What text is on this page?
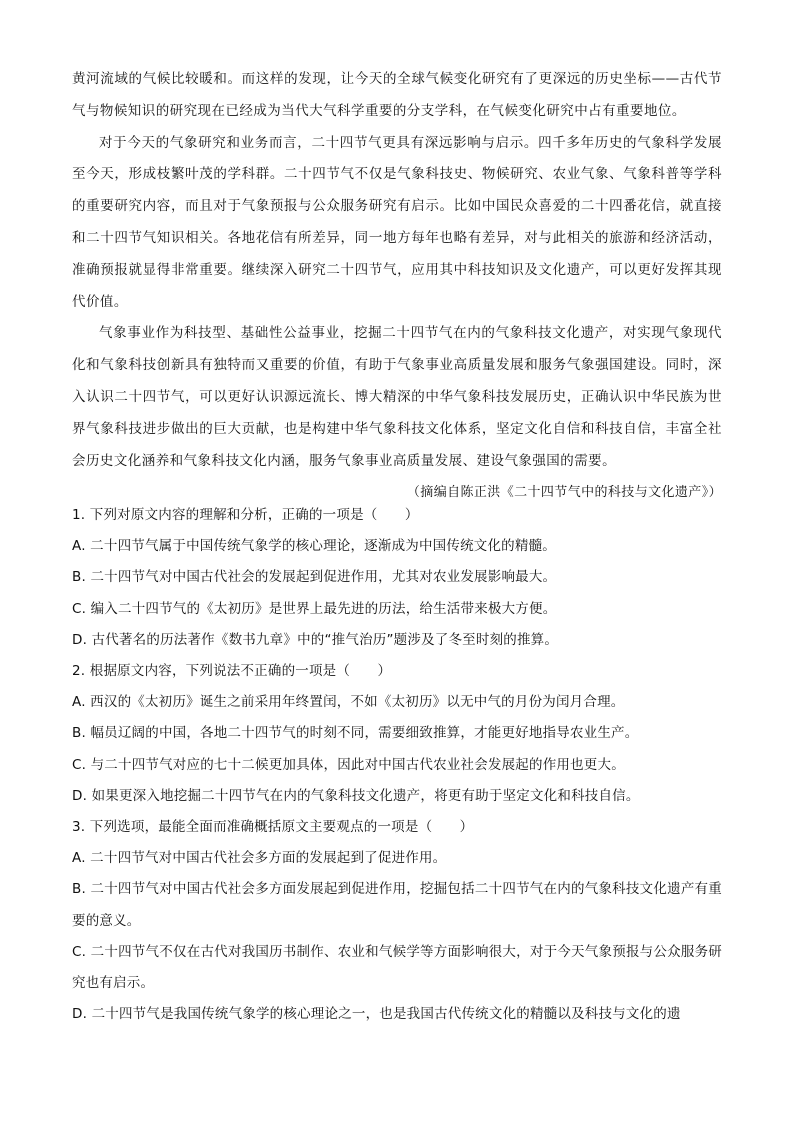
黄河流域的气候比较暖和。而这样的发现，让今天的全球气候变化研究有了更深远的历史坐标——古代节气与物候知识的研究现在已经成为当代大气科学重要的分支学科，在气候变化研究中占有重要地位。

对于今天的气象研究和业务而言，二十四节气更具有深远影响与启示。四千多年历史的气象科学发展至今天，形成枝繁叶茂的学科群。二十四节气不仅是气象科技史、物候研究、农业气象、气象科普等学科的重要研究内容，而且对于气象预报与公众服务研究有启示。比如中国民众喜爱的二十四番花信，就直接和二十四节气知识相关。各地花信有所差异，同一地方每年也略有差异，对与此相关的旅游和经济活动，准确预报就显得非常重要。继续深入研究二十四节气，应用其中科技知识及文化遗产，可以更好发挥其现代价值。

气象事业作为科技型、基础性公益事业，挖掘二十四节气在内的气象科技文化遗产，对实现气象现代化和气象科技创新具有独特而又重要的价值，有助于气象事业高质量发展和服务气象强国建设。同时，深入认识二十四节气，可以更好认识源远流长、博大精深的中华气象科技发展历史，正确认识中华民族为世界气象科技进步做出的巨大贡献，也是构建中华气象科技文化体系，坚定文化自信和科技自信，丰富全社会历史文化涵养和气象科技文化内涵，服务气象事业高质量发展、建设气象强国的需要。

（摘编自陈正洪《二十四节气中的科技与文化遗产》）

1. 下列对原文内容的理解和分析，正确的一项是（　　）

A. 二十四节气属于中国传统气象学的核心理论，逐渐成为中国传统文化的精髓。

B. 二十四节气对中国古代社会的发展起到促进作用，尤其对农业发展影响最大。

C. 编入二十四节气的《太初历》是世界上最先进的历法，给生活带来极大方便。

D. 古代著名的历法著作《数书九章》中的“推气治历”题涉及了冬至时刻的推算。

2. 根据原文内容，下列说法不正确的一项是（　　）

A. 西汉的《太初历》诞生之前采用年终置闰，不如《太初历》以无中气的月份为闰月合理。

B. 幅员辽阔的中国，各地二十四节气的时刻不同，需要细致推算，才能更好地指导农业生产。

C. 与二十四节气对应的七十二候更加具体，因此对中国古代农业社会发展起的作用也更大。

D. 如果更深入地挖掘二十四节气在内的气象科技文化遗产，将更有助于坚定文化和科技自信。

3. 下列选项，最能全面而准确概括原文主要观点的一项是（　　）

A. 二十四节气对中国古代社会多方面的发展起到了促进作用。

B. 二十四节气对中国古代社会多方面发展起到促进作用，挖掘包括二十四节气在内的气象科技文化遗产有重要的意义。

C. 二十四节气不仅在古代对我国历书制作、农业和气候学等方面影响很大，对于今天气象预报与公众服务研究也有启示。

D. 二十四节气是我国传统气象学的核心理论之一，也是我国古代传统文化的精髓以及科技与文化的遗
